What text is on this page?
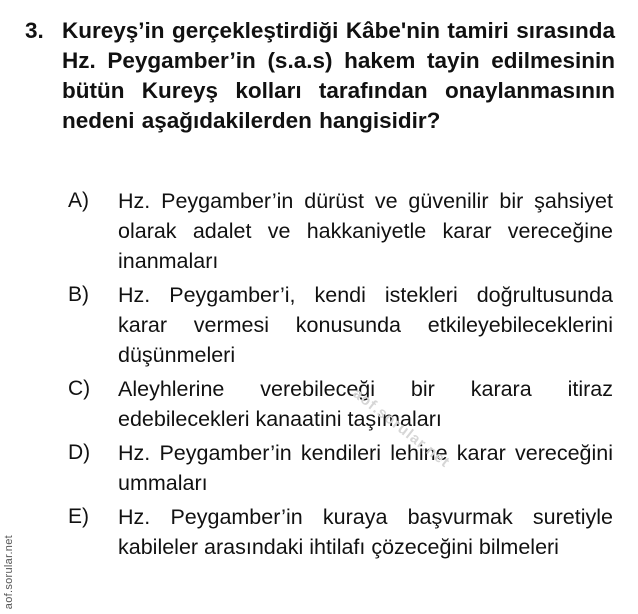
3. Kureyş’in gerçekleştirdiği Kâbe'nin tamiri sırasında Hz. Peygamber’in (s.a.s) hakem tayin edilmesinin bütün Kureyş kolları tarafından onaylanmasının nedeni aşağıdakilerden hangisidir?
A) Hz. Peygamber’in dürüst ve güvenilir bir şahsiyet olarak adalet ve hakkaniyetle karar vereceğine inanmaları
B) Hz. Peygamber’i, kendi istekleri doğrultusunda karar vermesi konusunda etkileyebileceklerini düşünmeleri
C) Aleyhlerine verebileceği bir karara itiraz edebilecekleri kanaatini taşımaları
D) Hz. Peygamber’in kendileri lehine karar vereceğini ummaları
E) Hz. Peygamber’in kuraya başvurmak suretiyle kabileler arasındaki ihtilafı çözeceğini bilmeleri
aof.sorular.net
aof.sorular.net
